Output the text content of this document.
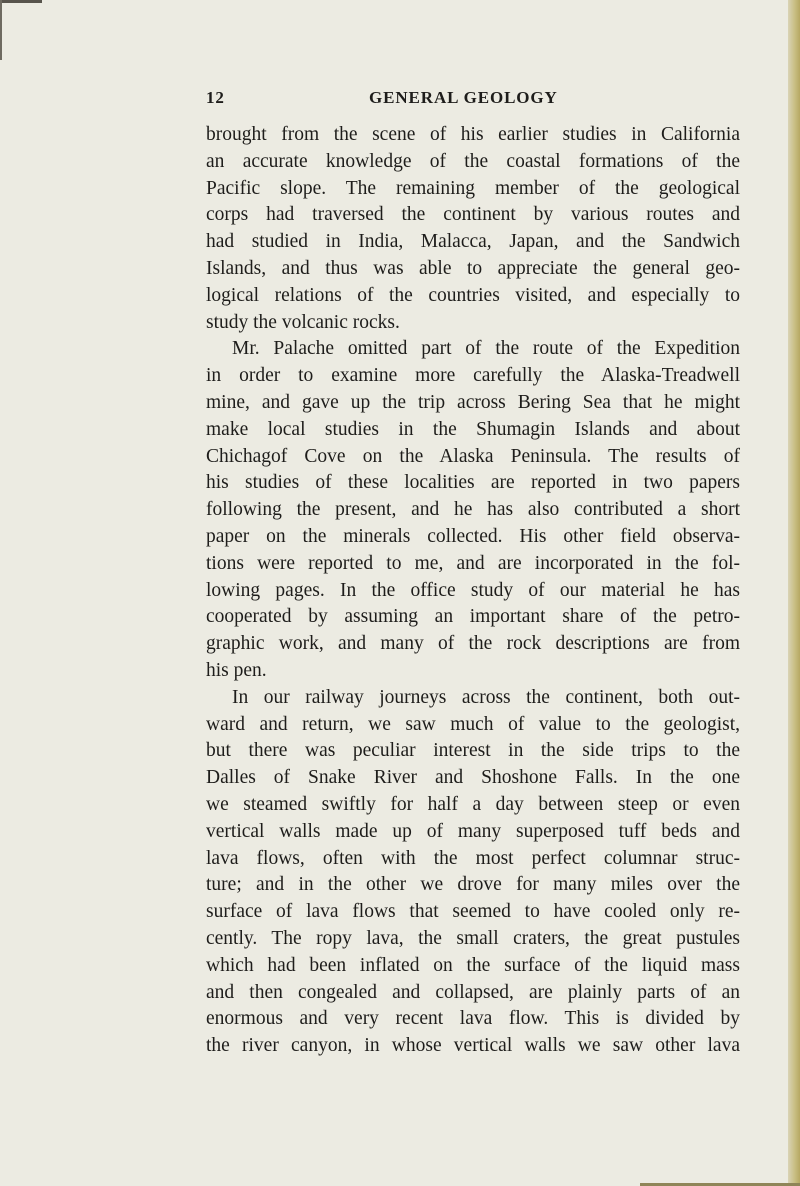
12	GENERAL GEOLOGY

brought from the scene of his earlier studies in California
an accurate knowledge of the coastal formations of the
Pacific slope. The remaining member of the geological
corps had traversed the continent by various routes and
had studied in India, Malacca, Japan, and the Sandwich
Islands, and thus was able to appreciate the general geo-
logical relations of the countries visited, and especially to
study the volcanic rocks.

Mr. Palache omitted part of the route of the Expedition
in order to examine more carefully the Alaska-Treadwell
mine, and gave up the trip across Bering Sea that he might
make local studies in the Shumagin Islands and about
Chichagof Cove on the Alaska Peninsula. The results of
his studies of these localities are reported in two papers
following the present, and he has also contributed a short
paper on the minerals collected. His other field observa-
tions were reported to me, and are incorporated in the fol-
lowing pages. In the office study of our material he has
cooperated by assuming an important share of the petro-
graphic work, and many of the rock descriptions are from
his pen.

In our railway journeys across the continent, both out-
ward and return, we saw much of value to the geologist,
but there was peculiar interest in the side trips to the
Dalles of Snake River and Shoshone Falls. In the one
we steamed swiftly for half a day between steep or even
vertical walls made up of many superposed tuff beds and
lava flows, often with the most perfect columnar struc-
ture; and in the other we drove for many miles over the
surface of lava flows that seemed to have cooled only re-
cently. The ropy lava, the small craters, the great pustules
which had been inflated on the surface of the liquid mass
and then congealed and collapsed, are plainly parts of an
enormous and very recent lava flow. This is divided by
the river canyon, in whose vertical walls we saw other lava
